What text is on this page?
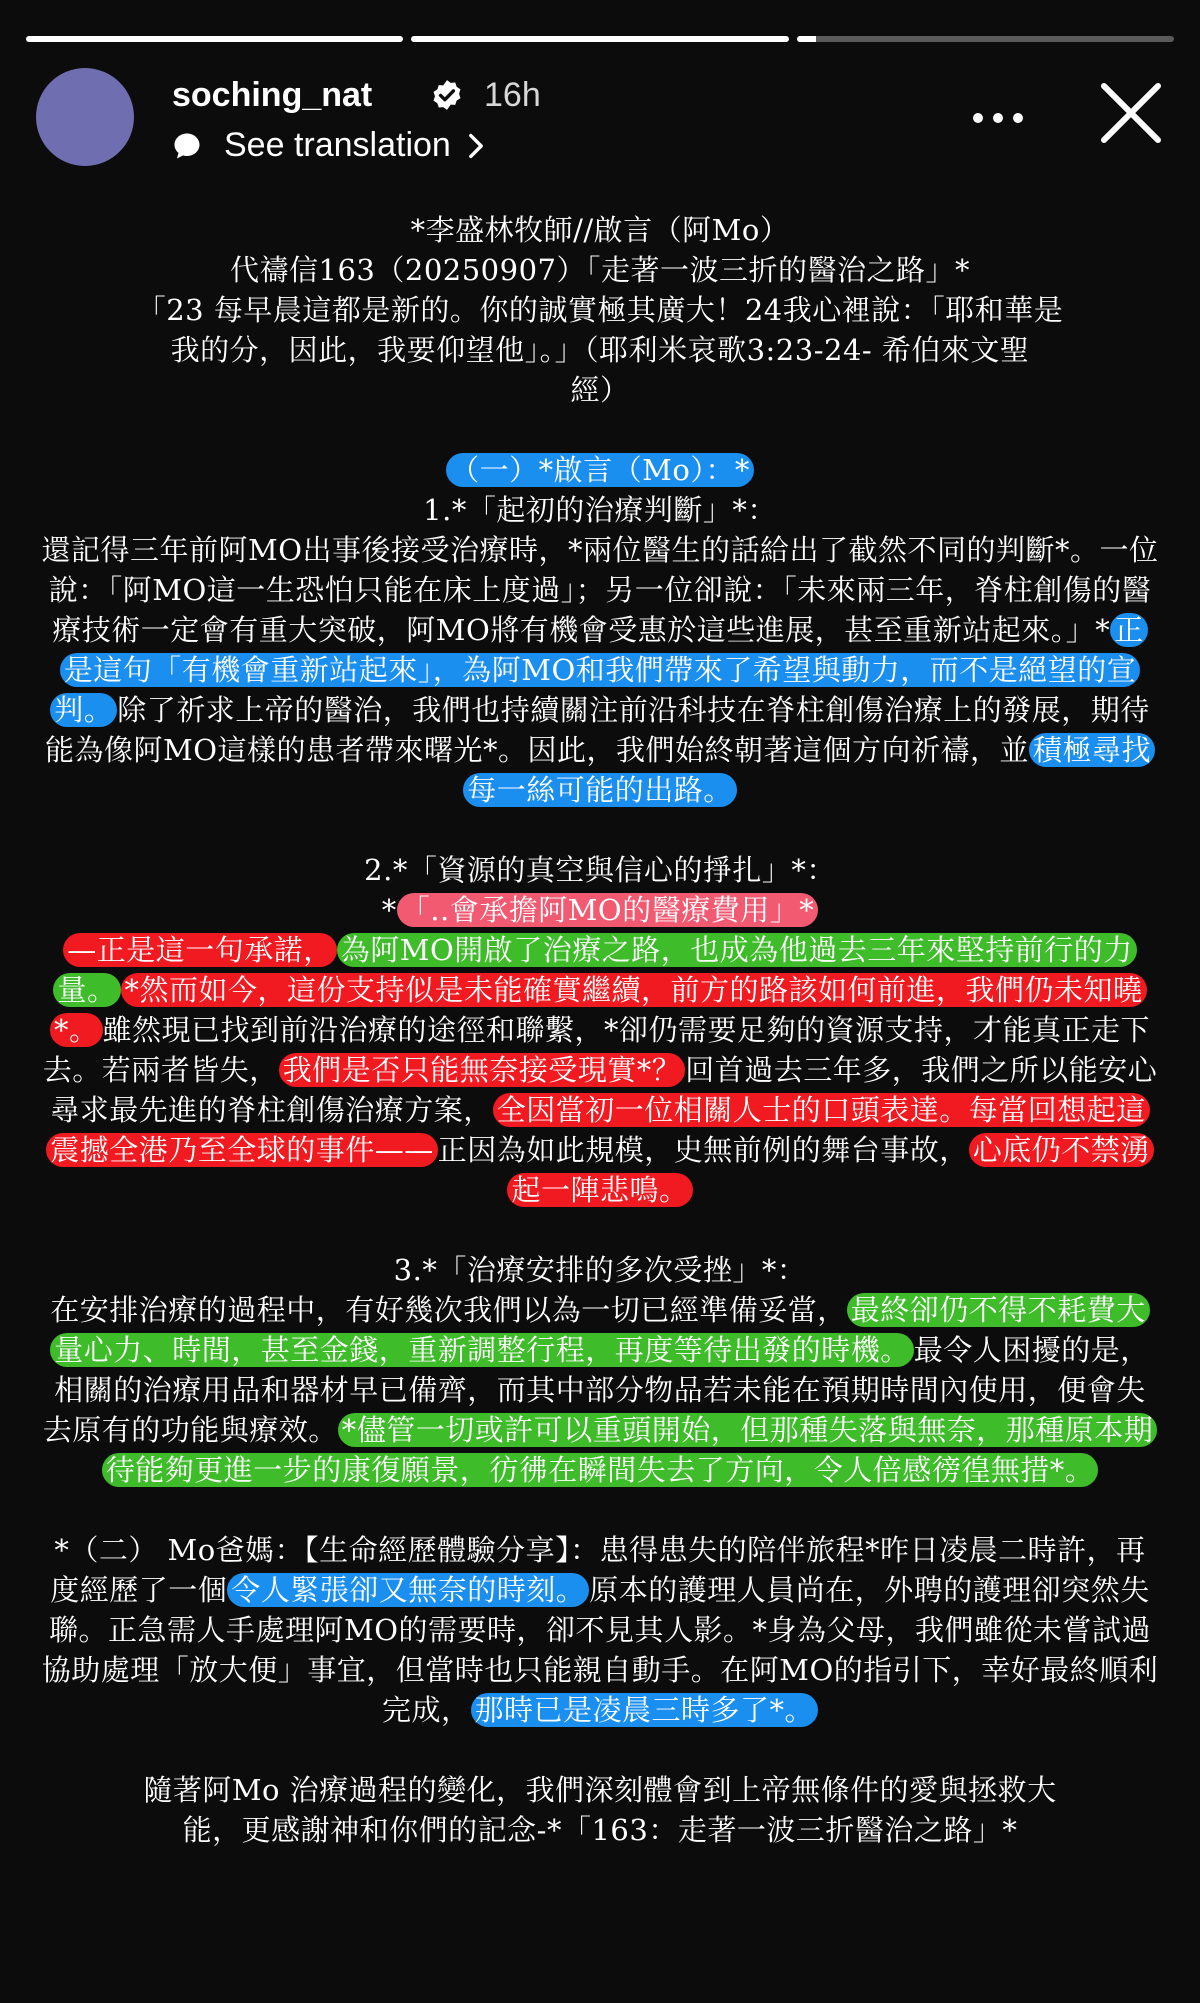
soching_nat	16h
See translation

*李盛林牧師//啟言（阿Mo）

代禱信163（20250907）「走著一波三折的醫治之路」*

「23 每早晨這都是新的。你的誠實極其廣大！24我心裡說：「耶和華是

我的分，因此，我要仰望他」。」（耶利米哀歌3:23-24- 希伯來文聖

經）

（一）*啟言（Mo）：*

1.*「起初的治療判斷」*：

還記得三年前阿MO出事後接受治療時，*兩位醫生的話給出了截然不同的判斷*。一位說：「阿MO這一生恐怕只能在床上度過」；另一位卻說：「未來兩三年，脊柱創傷的醫療技術一定會有重大突破，阿MO將有機會受惠於這些進展，甚至重新站起來。」* 正是這句「有機會重新站起來」，為阿MO和我們帶來了希望與動力，而不是絕望的宣判。 除了祈求上帝的醫治，我們也持續關注前沿科技在脊柱創傷治療上的發展，期待能為像阿MO這樣的患者帶來曙光*。因此，我們始終朝著這個方向祈禱，並 積極尋找每一絲可能的出路。

2.*「資源的真空與信心的掙扎」*：

* 「..會承擔阿MO的醫療費用」*

—正是這一句承諾， 為阿MO開啟了治療之路，也成為他過去三年來堅持前行的力量。 *然而如今，這份支持似是未能確實繼續，前方的路該如何前進，我們仍未知曉*。 雖然現已找到前沿治療的途徑和聯繫，*卻仍需要足夠的資源支持，才能真正走下去。若兩者皆失， 我們是否只能無奈接受現實*？ 回首過去三年多，我們之所以能安心尋求最先進的脊柱創傷治療方案， 全因當初一位相關人士的口頭表達。每當回想起這震撼全港乃至全球的事件—— 正因為如此規模，史無前例的舞台事故， 心底仍不禁湧起一陣悲鳴。

3.*「治療安排的多次受挫」*：

在安排治療的過程中，有好幾次我們以為一切已經準備妥當， 最終卻仍不得不耗費大量心力、時間，甚至金錢，重新調整行程，再度等待出發的時機。 最令人困擾的是，相關的治療用品和器材早已備齊，而其中部分物品若未能在預期時間內使用，便會失去原有的功能與療效。 *儘管一切或許可以重頭開始，但那種失落與無奈，那種原本期待能夠更進一步的康復願景，彷彿在瞬間失去了方向，令人倍感徬徨無措*。

*（二） Mo爸媽：【生命經歷體驗分享】：患得患失的陪伴旅程*昨日凌晨二時許，再度經歷了一個 令人緊張卻又無奈的時刻。 原本的護理人員尚在，外聘的護理卻突然失聯。正急需人手處理阿MO的需要時，卻不見其人影。*身為父母，我們雖從未嘗試過協助處理「放大便」事宜，但當時也只能親自動手。在阿MO的指引下，幸好最終順利完成， 那時已是凌晨三時多了*。

隨著阿Mo 治療過程的變化，我們深刻體會到上帝無條件的愛與拯救大

能，更感謝神和你們的記念-*「163：走著一波三折醫治之路」*
